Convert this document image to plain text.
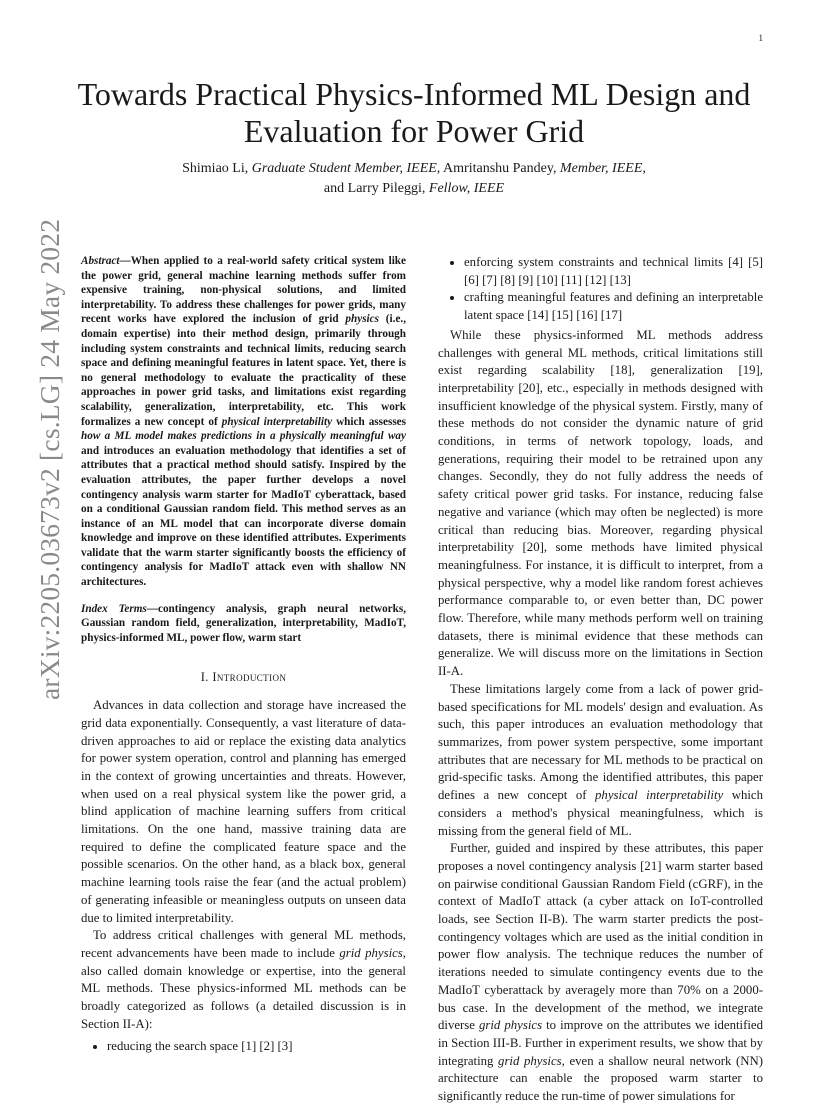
1
arXiv:2205.03673v2 [cs.LG] 24 May 2022
Towards Practical Physics-Informed ML Design and
Evaluation for Power Grid
Shimiao Li, Graduate Student Member, IEEE, Amritanshu Pandey, Member, IEEE,
and Larry Pileggi, Fellow, IEEE

Abstract—When applied to a real-world safety critical system like the power grid, general machine learning methods suffer from expensive training, non-physical solutions, and limited interpretability. To address these challenges for power grids, many recent works have explored the inclusion of grid physics (i.e., domain expertise) into their method design, primarily through including system constraints and technical limits, reducing search space and defining meaningful features in latent space. Yet, there is no general methodology to evaluate the practicality of these approaches in power grid tasks, and limitations exist regarding scalability, generalization, interpretability, etc. This work formalizes a new concept of physical interpretability which assesses how a ML model makes predictions in a physically meaningful way and introduces an evaluation methodology that identifies a set of attributes that a practical method should satisfy. Inspired by the evaluation attributes, the paper further develops a novel contingency analysis warm starter for MadIoT cyberattack, based on a conditional Gaussian random field. This method serves as an instance of an ML model that can incorporate diverse domain knowledge and improve on these identified attributes. Experiments validate that the warm starter significantly boosts the efficiency of contingency analysis for MadIoT attack even with shallow NN architectures.

Index Terms—contingency analysis, graph neural networks, Gaussian random field, generalization, interpretability, MadIoT, physics-informed ML, power flow, warm start

I. Introduction

Advances in data collection and storage have increased the grid data exponentially. Consequently, a vast literature of data-driven approaches to aid or replace the existing data analytics for power system operation, control and planning has emerged in the context of growing uncertainties and threats. However, when used on a real physical system like the power grid, a blind application of machine learning suffers from critical limitations. On the one hand, massive training data are required to define the complicated feature space and the possible scenarios. On the other hand, as a black box, general machine learning tools raise the fear (and the actual problem) of generating infeasible or meaningless outputs on unseen data due to limited interpretability.

To address critical challenges with general ML methods, recent advancements have been made to include grid physics, also called domain knowledge or expertise, into the general ML methods. These physics-informed ML methods can be broadly categorized as follows (a detailed discussion is in Section II-A):

reducing the search space [1] [2] [3]
enforcing system constraints and technical limits [4] [5] [6] [7] [8] [9] [10] [11] [12] [13]
crafting meaningful features and defining an interpretable latent space [14] [15] [16] [17]

While these physics-informed ML methods address challenges with general ML methods, critical limitations still exist regarding scalability [18], generalization [19], interpretability [20], etc., especially in methods designed with insufficient knowledge of the physical system. Firstly, many of these methods do not consider the dynamic nature of grid conditions, in terms of network topology, loads, and generations, requiring their model to be retrained upon any changes. Secondly, they do not fully address the needs of safety critical power grid tasks. For instance, reducing false negative and variance (which may often be neglected) is more critical than reducing bias. Moreover, regarding physical interpretability [20], some methods have limited physical meaningfulness. For instance, it is difficult to interpret, from a physical perspective, why a model like random forest achieves performance comparable to, or even better than, DC power flow. Therefore, while many methods perform well on training datasets, there is minimal evidence that these methods can generalize. We will discuss more on the limitations in Section II-A.

These limitations largely come from a lack of power grid-based specifications for ML models' design and evaluation. As such, this paper introduces an evaluation methodology that summarizes, from power system perspective, some important attributes that are necessary for ML methods to be practical on grid-specific tasks. Among the identified attributes, this paper defines a new concept of physical interpretability which considers a method's physical meaningfulness, which is missing from the general field of ML.

Further, guided and inspired by these attributes, this paper proposes a novel contingency analysis [21] warm starter based on pairwise conditional Gaussian Random Field (cGRF), in the context of MadIoT attack (a cyber attack on IoT-controlled loads, see Section II-B). The warm starter predicts the post-contingency voltages which are used as the initial condition in power flow analysis. The technique reduces the number of iterations needed to simulate contingency events due to the MadIoT cyberattack by averagely more than 70% on a 2000-bus case. In the development of the method, we integrate diverse grid physics to improve on the attributes we identified in Section III-B. Further in experiment results, we show that by integrating grid physics, even a shallow neural network (NN) architecture can enable the proposed warm starter to significantly reduce the run-time of power simulations for
